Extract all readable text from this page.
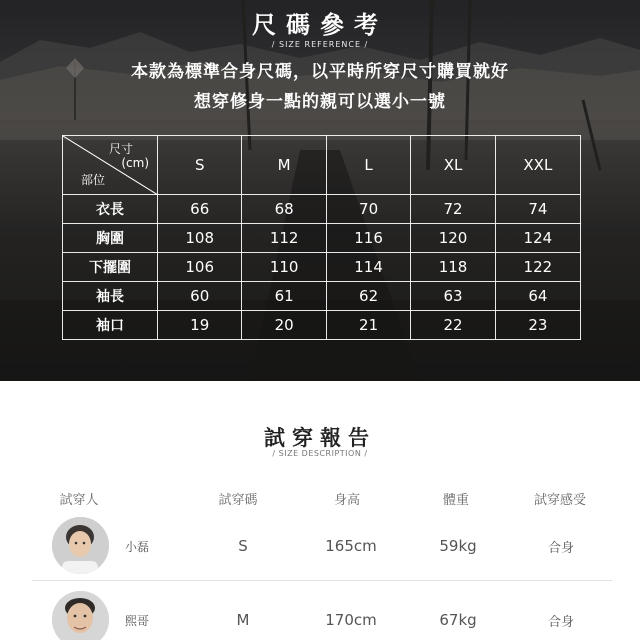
尺碼參考
/ SIZE REFERENCE /
本款為標準合身尺碼，以平時所穿尺寸購買就好
想穿修身一點的親可以選小一號
尺寸
(cm)
部位	S	M	L	XL	XXL
衣長	66	68	70	72	74
胸圍	108	112	116	120	124
下擺圍	106	110	114	118	122
袖長	60	61	62	63	64
袖口	19	20	21	22	23
試穿報告
/ SIZE DESCRIPTION /
試穿人	試穿碼	身高	體重	試穿感受
小磊	S	165cm	59kg	合身
熙哥	M	170cm	67kg	合身
